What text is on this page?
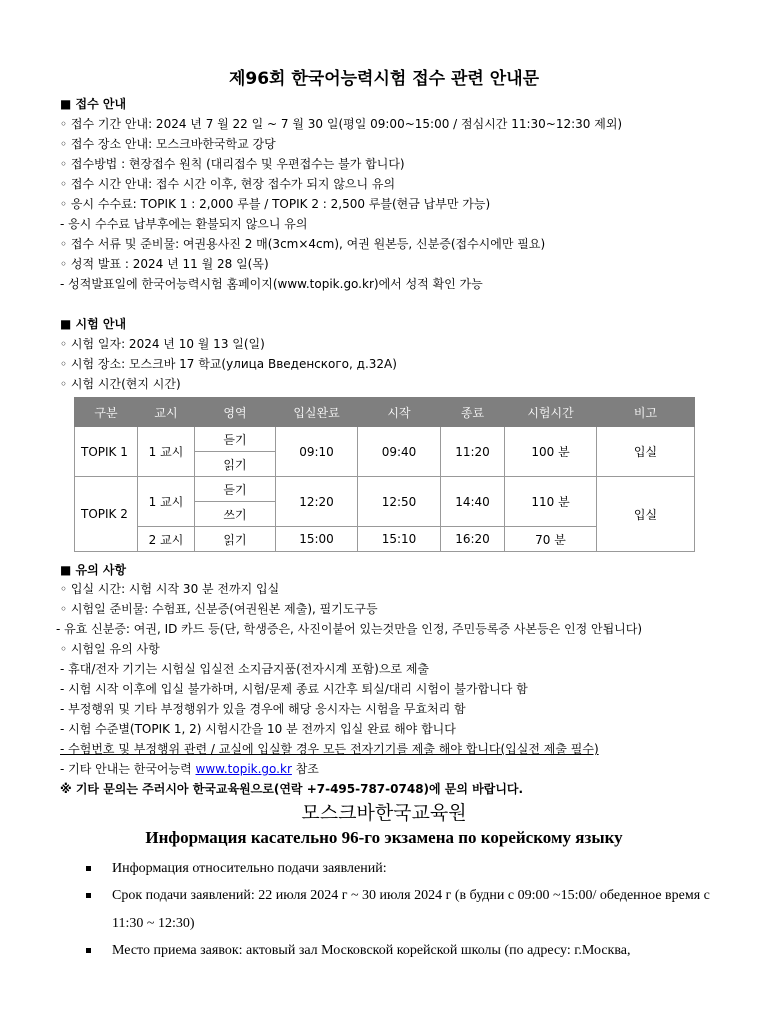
제96회 한국어능력시험 접수 관련 안내문
■ 접수 안내
◦ 접수 기간 안내: 2024 년 7 월 22 일 ~ 7 월 30 일(평일 09:00~15:00 / 점심시간 11:30~12:30 제외)
◦ 접수 장소 안내: 모스크바한국학교 강당
◦ 접수방법 : 현장접수 원칙 (대리접수 및 우편접수는 불가 합니다)
◦ 접수 시간 안내: 접수 시간 이후, 현장 접수가 되지 않으니 유의
◦ 응시 수수료: TOPIK 1 : 2,000 루블 / TOPIK 2 : 2,500 루블(현금 납부만 가능)
- 응시 수수료 납부후에는 환불되지 않으니 유의
◦ 접수 서류 및 준비물: 여권용사진 2 매(3cm×4cm), 여권 원본등, 신분증(접수시에만 필요)
◦ 성적 발표 : 2024 년 11 월 28 일(목)
- 성적발표일에 한국어능력시험 홈페이지(www.topik.go.kr)에서 성적 확인 가능
■ 시험 안내
◦ 시험 일자: 2024 년 10 월 13 일(일)
◦ 시험 장소: 모스크바 17 학교(улица Введенского, д.32А)
◦ 시험 시간(현지 시간)
구분	교시	영역	입실완료	시작	종료	시험시간	비고
TOPIK 1	1 교시	듣기	09:10	09:40	11:20	100 분	입실
		읽기					
TOPIK 2	1 교시	듣기	12:20	12:50	14:40	110 분	입실
		쓰기					
	2 교시	읽기	15:00	15:10	16:20	70 분	
■ 유의 사항
◦ 입실 시간: 시험 시작 30 분 전까지 입실
◦ 시험일 준비물: 수험표, 신분증(여권원본 제출), 필기도구등
- 유효 신분증: 여권, ID 카드 등(단, 학생증은, 사진이붙어 있는것만을 인정, 주민등록증 사본등은 인정 안됩니다)
◦ 시험일 유의 사항
- 휴대/전자 기기는 시험실 입실전 소지금지품(전자시계 포함)으로 제출
- 시험 시작 이후에 입실 불가하며, 시험/문제 종료 시간후 퇴실/대리 시험이 불가합니다 함
- 부정행위 및 기타 부정행위가 있을 경우에 해당 응시자는 시험을 무효처리 함
- 시험 수준별(TOPIK 1, 2) 시험시간을 10 분 전까지 입실 완료 해야 합니다
- 수험번호 및 부정행위 관련 / 교실에 입실할 경우 모든 전자기기를 제출 해야 합니다(입실전 제출 필수)
- 기타 안내는 한국어능력 www.topik.go.kr 참조
※ 기타 문의는 주러시아 한국교육원으로(연락 +7-495-787-0748)에 문의 바랍니다.
모스크바한국교육원
Информация касательно 96-го экзамена по корейскому языку
Информация относительно подачи заявлений:
Срок подачи заявлений: 22 июля 2024 г ~ 30 июля 2024 г (в будни с 09:00 ~15:00/ обеденное время с 11:30 ~ 12:30)
Место приема заявок: актовый зал Московской корейской школы (по адресу: г.Москва,
